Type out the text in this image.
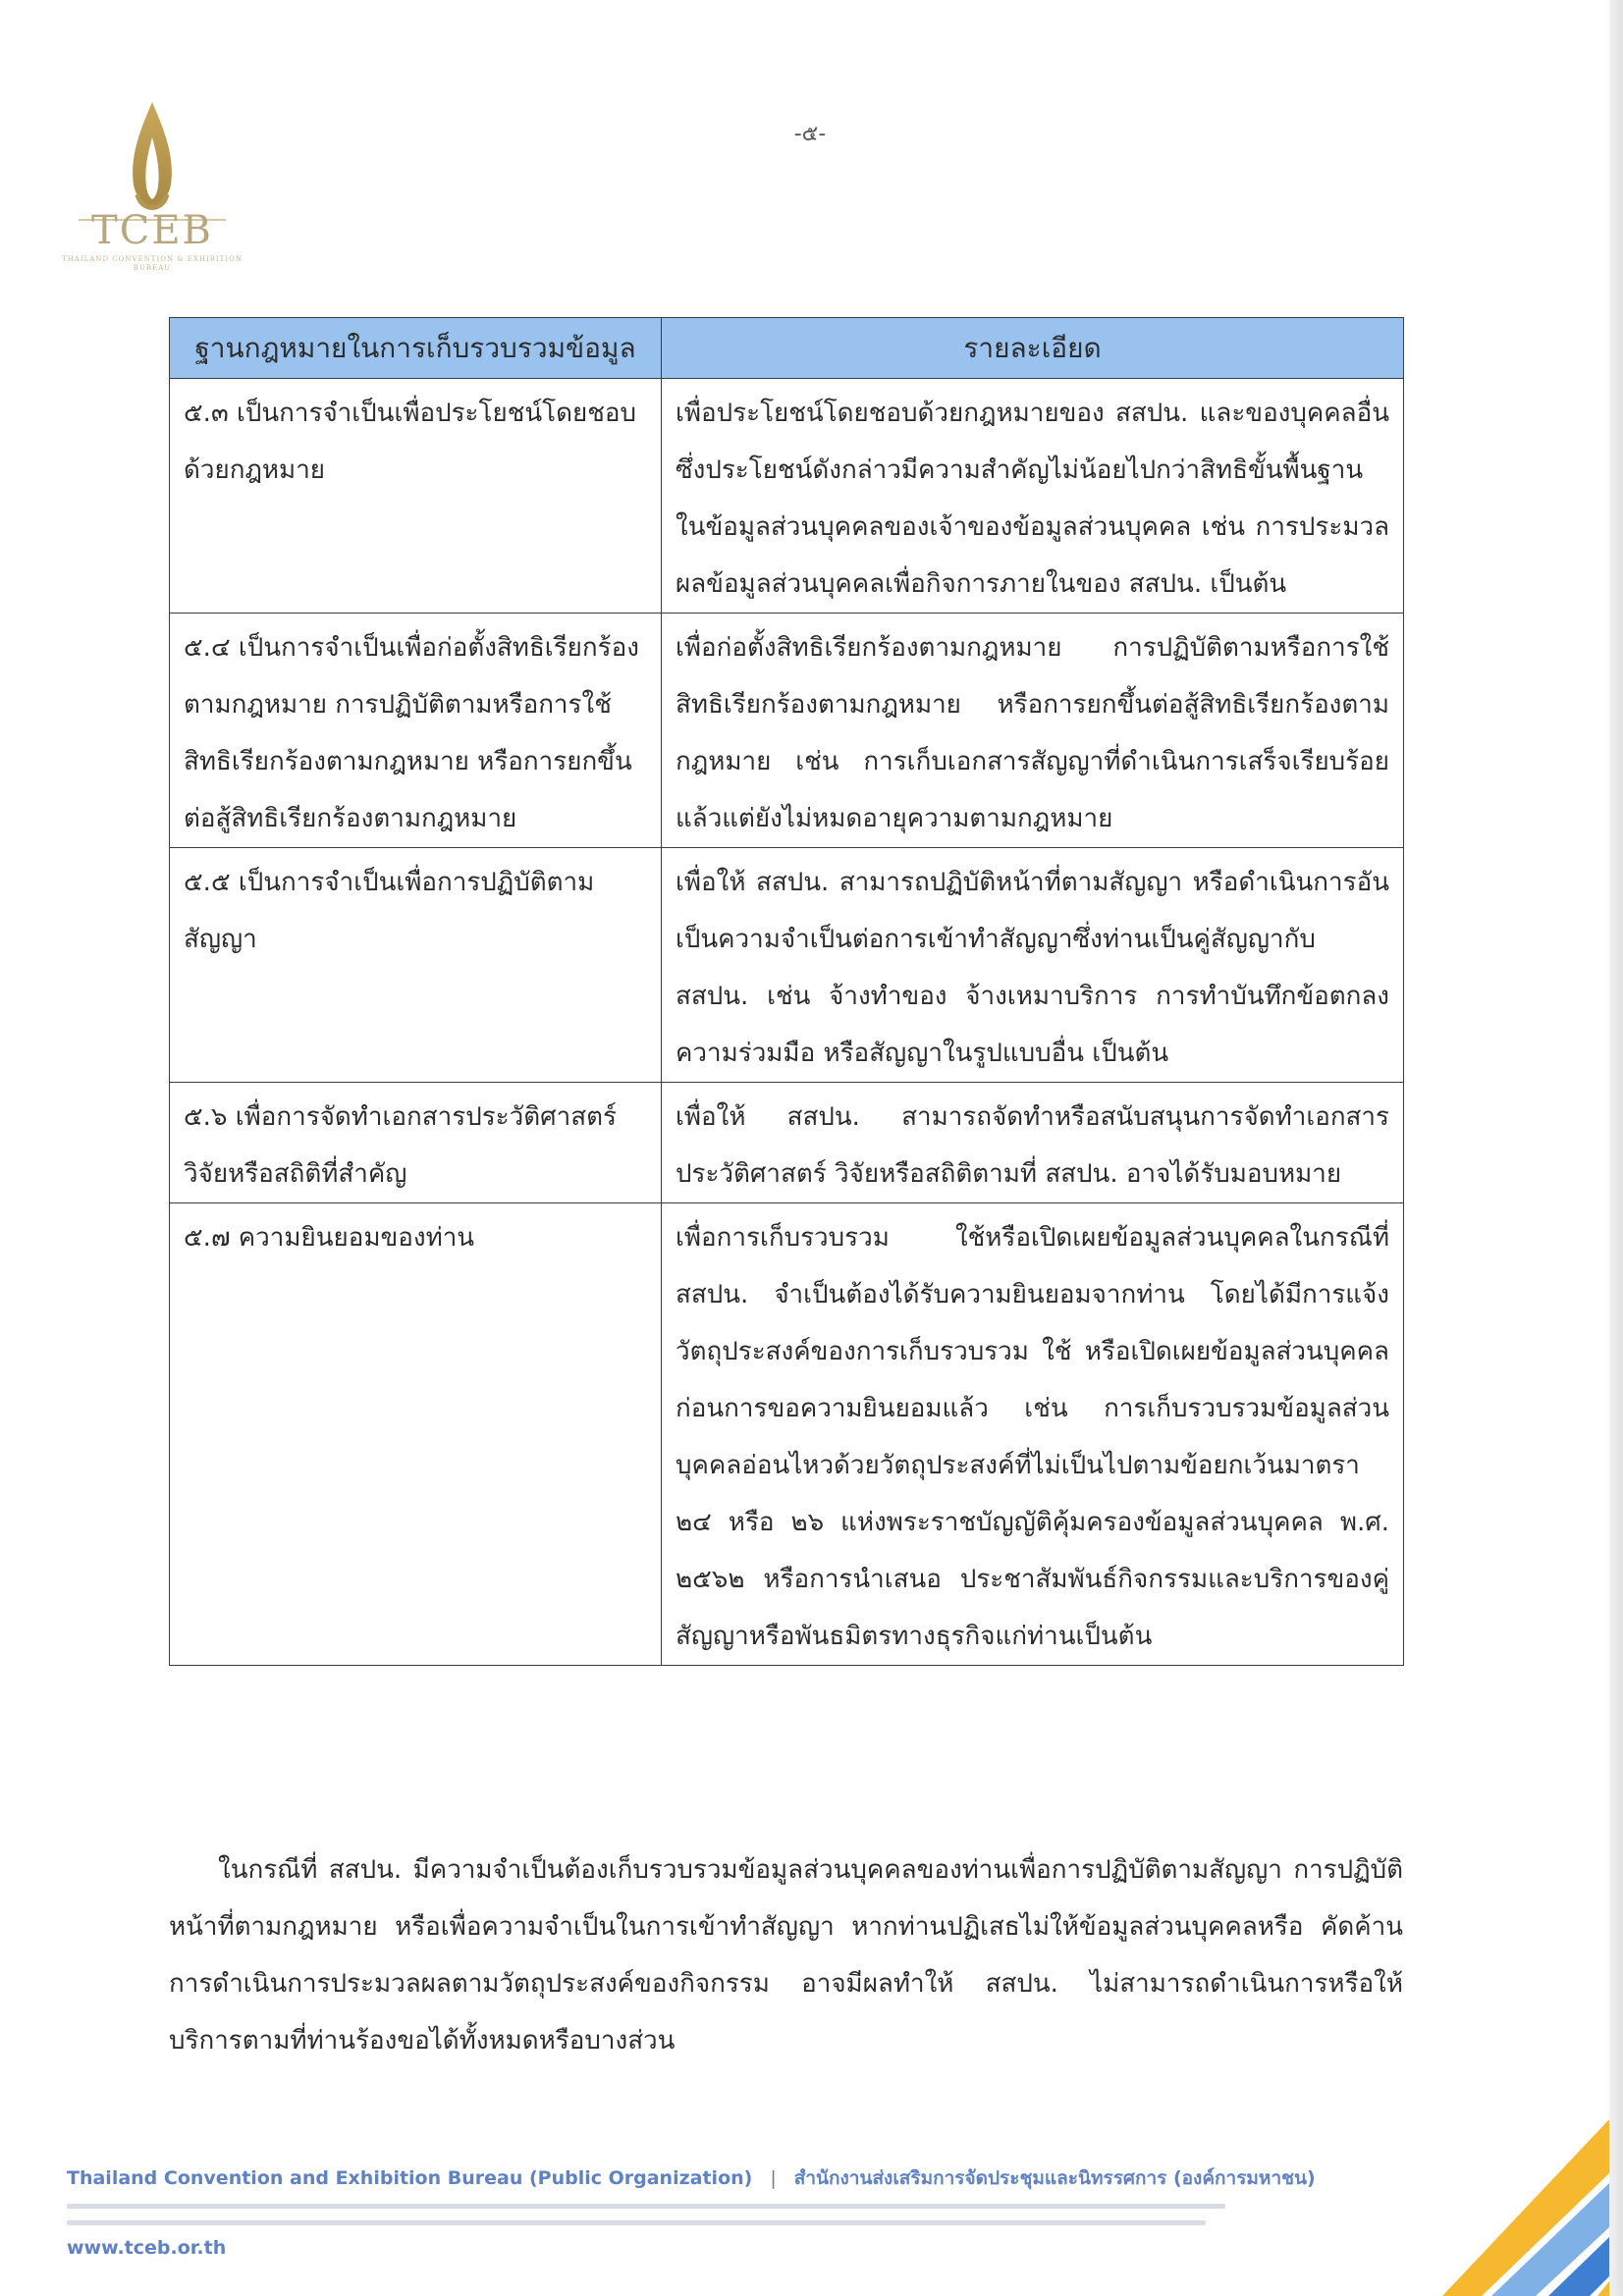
TCEB
THAILAND CONVENTION & EXHIBITION BUREAU
-๕-
ฐานกฎหมายในการเก็บรวบรวมข้อมูล	รายละเอียด
๕.๓ เป็นการจำเป็นเพื่อประโยชน์โดยชอบด้วยกฎหมาย	เพื่อประโยชน์โดยชอบด้วยกฎหมายของ สสปน. และของบุคคลอื่น ซึ่งประโยชน์ดังกล่าวมีความสำคัญไม่น้อยไปกว่าสิทธิขั้นพื้นฐานในข้อมูลส่วนบุคคลของเจ้าของข้อมูลส่วนบุคคล เช่น การประมวลผลข้อมูลส่วนบุคคลเพื่อกิจการภายในของ สสปน. เป็นต้น
๕.๔ เป็นการจำเป็นเพื่อก่อตั้งสิทธิเรียกร้องตามกฎหมาย การปฏิบัติตามหรือการใช้สิทธิเรียกร้องตามกฎหมาย หรือการยกขึ้นต่อสู้สิทธิเรียกร้องตามกฎหมาย	เพื่อก่อตั้งสิทธิเรียกร้องตามกฎหมาย การปฏิบัติตามหรือการใช้สิทธิเรียกร้องตามกฎหมาย หรือการยกขึ้นต่อสู้สิทธิเรียกร้องตามกฎหมาย เช่น การเก็บเอกสารสัญญาที่ดำเนินการเสร็จเรียบร้อยแล้วแต่ยังไม่หมดอายุความตามกฎหมาย
๕.๕ เป็นการจำเป็นเพื่อการปฏิบัติตามสัญญา	เพื่อให้ สสปน. สามารถปฏิบัติหน้าที่ตามสัญญา หรือดำเนินการอันเป็นความจำเป็นต่อการเข้าทำสัญญาซึ่งท่านเป็นคู่สัญญากับ สสปน. เช่น จ้างทำของ จ้างเหมาบริการ การทำบันทึกข้อตกลงความร่วมมือ หรือสัญญาในรูปแบบอื่น เป็นต้น
๕.๖ เพื่อการจัดทำเอกสารประวัติศาสตร์ วิจัยหรือสถิติที่สำคัญ	เพื่อให้ สสปน. สามารถจัดทำหรือสนับสนุนการจัดทำเอกสารประวัติศาสตร์ วิจัยหรือสถิติตามที่ สสปน. อาจได้รับมอบหมาย
๕.๗ ความยินยอมของท่าน	เพื่อการเก็บรวบรวม ใช้หรือเปิดเผยข้อมูลส่วนบุคคลในกรณีที่ สสปน. จำเป็นต้องได้รับความยินยอมจากท่าน โดยได้มีการแจ้งวัตถุประสงค์ของการเก็บรวบรวม ใช้ หรือเปิดเผยข้อมูลส่วนบุคคลก่อนการขอความยินยอมแล้ว เช่น การเก็บรวบรวมข้อมูลส่วนบุคคลอ่อนไหวด้วยวัตถุประสงค์ที่ไม่เป็นไปตามข้อยกเว้นมาตรา ๒๔ หรือ ๒๖ แห่งพระราชบัญญัติคุ้มครองข้อมูลส่วนบุคคล พ.ศ. ๒๕๖๒ หรือการนำเสนอ ประชาสัมพันธ์กิจกรรมและบริการของคู่สัญญาหรือพันธมิตรทางธุรกิจแก่ท่านเป็นต้น

ในกรณีที่ สสปน. มีความจำเป็นต้องเก็บรวบรวมข้อมูลส่วนบุคคลของท่านเพื่อการปฏิบัติตามสัญญา การปฏิบัติหน้าที่ตามกฎหมาย หรือเพื่อความจำเป็นในการเข้าทำสัญญา หากท่านปฏิเสธไม่ให้ข้อมูลส่วนบุคคลหรือ คัดค้านการดำเนินการประมวลผลตามวัตถุประสงค์ของกิจกรรม อาจมีผลทำให้ สสปน. ไม่สามารถดำเนินการหรือให้บริการตามที่ท่านร้องขอได้ทั้งหมดหรือบางส่วน

Thailand Convention and Exhibition Bureau (Public Organization) | สำนักงานส่งเสริมการจัดประชุมและนิทรรศการ (องค์การมหาชน)
www.tceb.or.th
